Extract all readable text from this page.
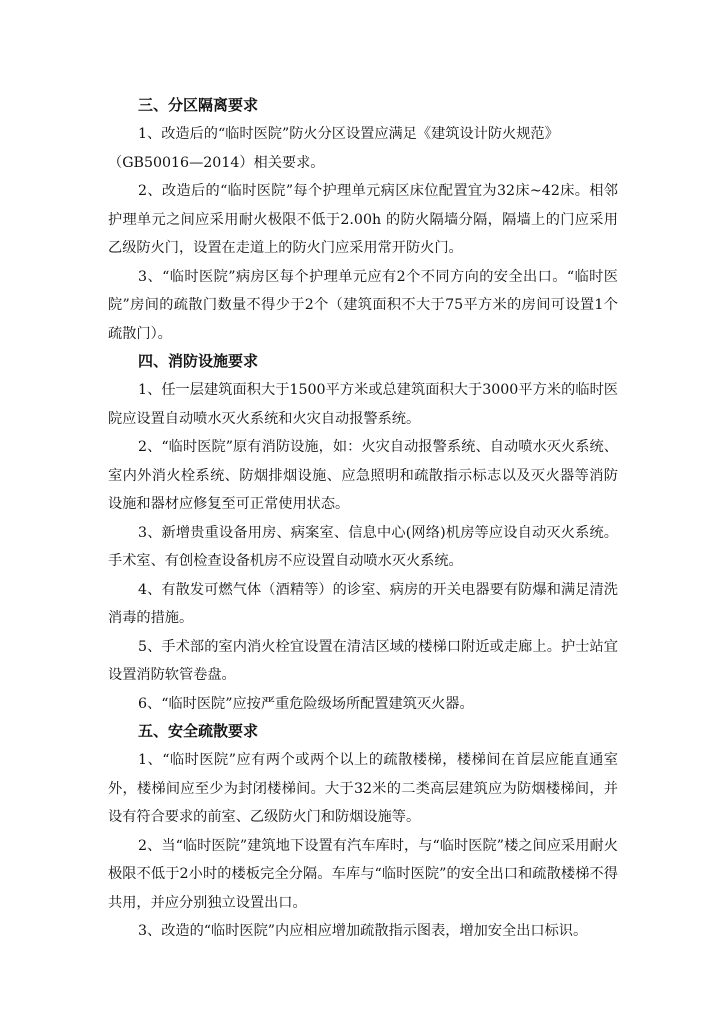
三、分区隔离要求

1、改造后的“临时医院”防火分区设置应满足《建筑设计防火规范》
（GB50016—2014）相关要求。

2、改造后的“临时医院”每个护理单元病区床位配置宜为32床~42床。相邻护理单元之间应采用耐火极限不低于2.00h 的防火隔墙分隔，隔墙上的门应采用乙级防火门，设置在走道上的防火门应采用常开防火门。

3、“临时医院”病房区每个护理单元应有2个不同方向的安全出口。“临时医院”房间的疏散门数量不得少于2个（建筑面积不大于75平方米的房间可设置1个疏散门）。

四、消防设施要求

1、任一层建筑面积大于1500平方米或总建筑面积大于3000平方米的临时医院应设置自动喷水灭火系统和火灾自动报警系统。

2、“临时医院”原有消防设施，如：火灾自动报警系统、自动喷水灭火系统、室内外消火栓系统、防烟排烟设施、应急照明和疏散指示标志以及灭火器等消防设施和器材应修复至可正常使用状态。

3、新增贵重设备用房、病案室、信息中心(网络)机房等应设自动灭火系统。手术室、有创检查设备机房不应设置自动喷水灭火系统。

4、有散发可燃气体（酒精等）的诊室、病房的开关电器要有防爆和满足清洗消毒的措施。

5、手术部的室内消火栓宜设置在清洁区域的楼梯口附近或走廊上。护士站宜设置消防软管卷盘。

6、“临时医院”应按严重危险级场所配置建筑灭火器。

五、安全疏散要求

1、“临时医院”应有两个或两个以上的疏散楼梯，楼梯间在首层应能直通室外，楼梯间应至少为封闭楼梯间。大于32米的二类高层建筑应为防烟楼梯间，并设有符合要求的前室、乙级防火门和防烟设施等。

2、当“临时医院”建筑地下设置有汽车库时，与“临时医院”楼之间应采用耐火极限不低于2小时的楼板完全分隔。车库与“临时医院”的安全出口和疏散楼梯不得共用，并应分别独立设置出口。

3、改造的“临时医院”内应相应增加疏散指示图表，增加安全出口标识。
